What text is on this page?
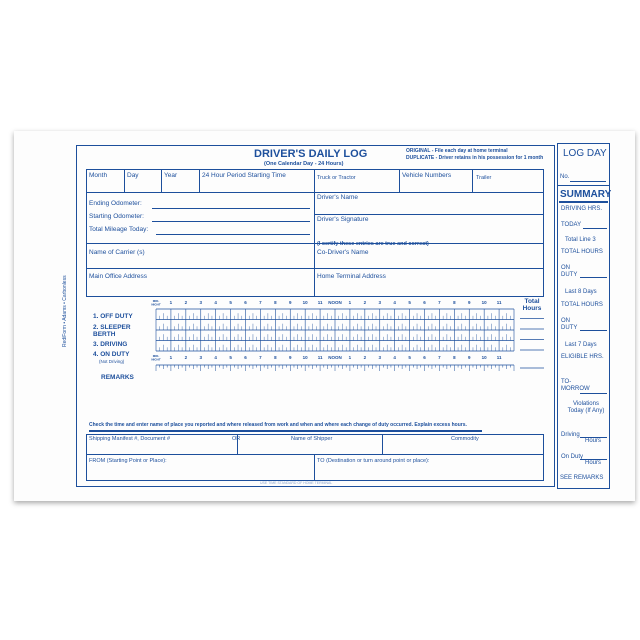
RediForm • Adams • Carbonless
DRIVER'S DAILY LOG
(One Calendar Day - 24 Hours)
ORIGINAL - File each day at home terminal
DUPLICATE - Driver retains in his possession for 1 month
Month	Day	Year	24 Hour Period Starting Time	Truck or Tractor	Vehicle Numbers	Trailer
Ending Odometer:
Starting Odometer:
Total Mileage Today:
Driver's Name
Driver's Signature
(I certify these entries are true and correct)
Name of Carrier (s)	Co-Driver's Name
Main Office Address	Home Terminal Address
MID-
NIGHT 1	2	3	4	5	6	7	8	9 10 11 NOON 1	2	3	4	5	6	7	8	9 10 11
MID-
NIGHT 1	2	3	4	5	6	7	8	9 10 11 NOON 1	2	3	4	5	6	7	8	9 10 11
1. OFF DUTY
2. SLEEPER BERTH
3. DRIVING
4. ON DUTY
(Not Driving)
REMARKS
Total Hours
Check the time and enter name of place you reported and where released from work and when and where each change of duty occurred. Explain excess hours.
Shipping Manifest #, Document #	OR	Name of Shipper	Commodity
FROM (Starting Point or Place):	TO (Destination or turn around point or place):
USE TIME STANDARD OF HOME TERMINAL
LOG DAY
No.
SUMMARY
DRIVING HRS.
TODAY
Total Line 3
TOTAL HOURS
ON DUTY
Last 8 Days
TOTAL HOURS
ON DUTY
Last 7 Days
ELIGIBLE HRS.
TO-MORROW
Violations Today (If Any)
Driving
Hours
On Duty
Hours
SEE REMARKS
